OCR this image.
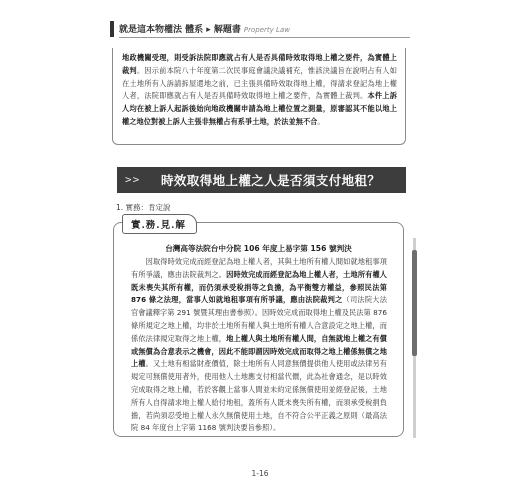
就是這本物權法 體系 ▸ 解題書 Property Law

地政機關受理，則受訴法院即應就占有人是否具備時效取得地上權之要件，為實體上裁判。因示前本院八十年度第二次民事庭會議決議補充，惟該決議旨在說明占有人如在土地所有人訴請拆屋還地之前，已主張具備時效取得地上權，得請求登記為地上權人者，法院即應就占有人是否具備時效取得地上權之要件，為實體上裁判。本件上訴人均在被上訴人起訴後始向地政機關申請為地上權位置之測量，原審認其不能以地上權之地位對被上訴人主張非無權占有系爭土地，於法並無不合。

>> 時效取得地上權之人是否須支付地租？
1. 實務：肯定說
實.務.見.解
台灣高等法院台中分院 106 年度上易字第 156 號判決

　　因取得時效完成而經登記為地上權人者，其與土地所有權人間如就地租事項有所爭議，應由法院裁判之。因時效完成而經登記為地上權人者，土地所有權人既未喪失其所有權，而仍須承受稅捐等之負擔，為平衡雙方權益，參照民法第 876 條之法理，當事人如就地租事項有所爭議，應由法院裁判之（司法院大法官會議釋字第 291 號暨其理由書參照）。因時效完成而取得地上權及民法第 876 條所規定之地上權，均非於土地所有權人與土地所有權人合意設定之地上權，而係依法律規定取得之地上權，地上權人與土地所有權人間，自無就地上權之有償或無償為合意表示之機會，因此不能即謂因時效完成而取得之地上權係無償之地上權。又土地有相當財產價值，除土地所有人同意無價提供他人使用或法律另有規定可無償使用者外，使用他人土地應支付相當代價，此為社會通念，是以時效完成取得之地上權，若於客觀上當事人間並未約定係無償使用並經登記後，土地所有人自得請求地上權人給付地租，蓋所有人既未喪失所有權，而須承受稅捐負擔，若尚須忍受地上權人永久無償使用土地，自不符合公平正義之原則（最高法院 84 年度台上字第 1168 號判決要旨參照）。

1-16
